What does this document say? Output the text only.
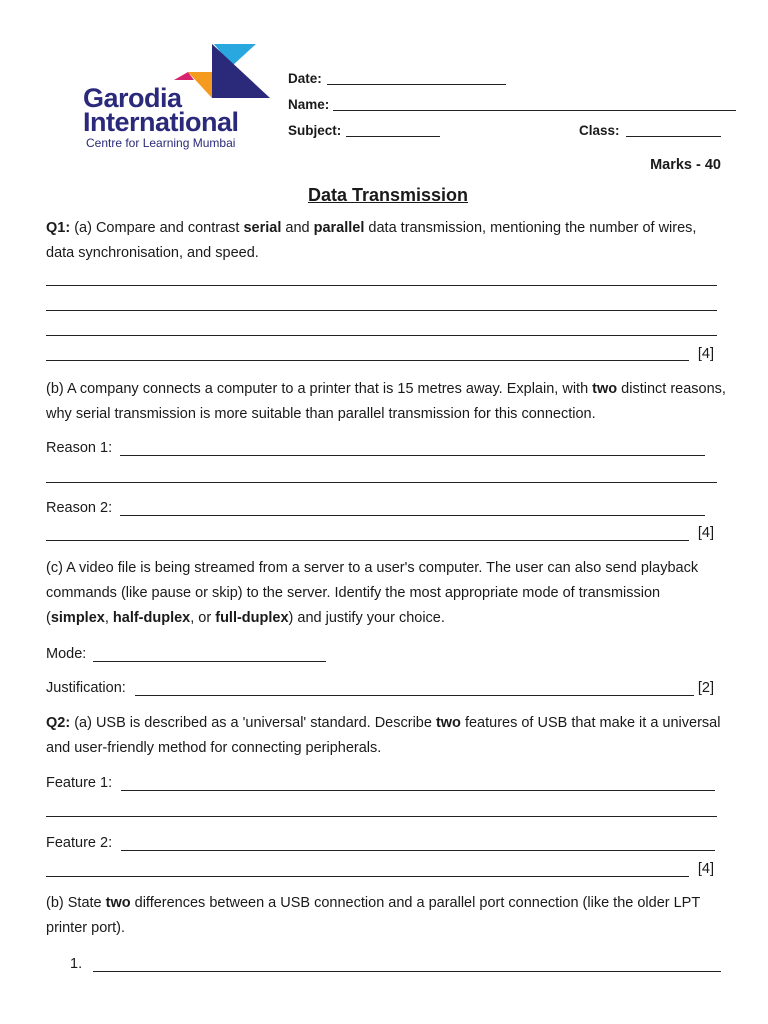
Garodia
International
Centre for Learning Mumbai
Date:
Name:
Subject:	Class:
Marks - 40
Data Transmission
Q1: (a) Compare and contrast serial and parallel data transmission, mentioning the number of wires, data synchronisation, and speed.
[4]
(b) A company connects a computer to a printer that is 15 metres away. Explain, with two distinct reasons, why serial transmission is more suitable than parallel transmission for this connection.
Reason 1:
Reason 2:
[4]
(c) A video file is being streamed from a server to a user's computer. The user can also send playback commands (like pause or skip) to the server. Identify the most appropriate mode of transmission (simplex, half-duplex, or full-duplex) and justify your choice.
Mode:
Justification:	[2]
Q2: (a) USB is described as a 'universal' standard. Describe two features of USB that make it a universal and user-friendly method for connecting peripherals.
Feature 1:
Feature 2:
[4]
(b) State two differences between a USB connection and a parallel port connection (like the older LPT printer port).
1.
